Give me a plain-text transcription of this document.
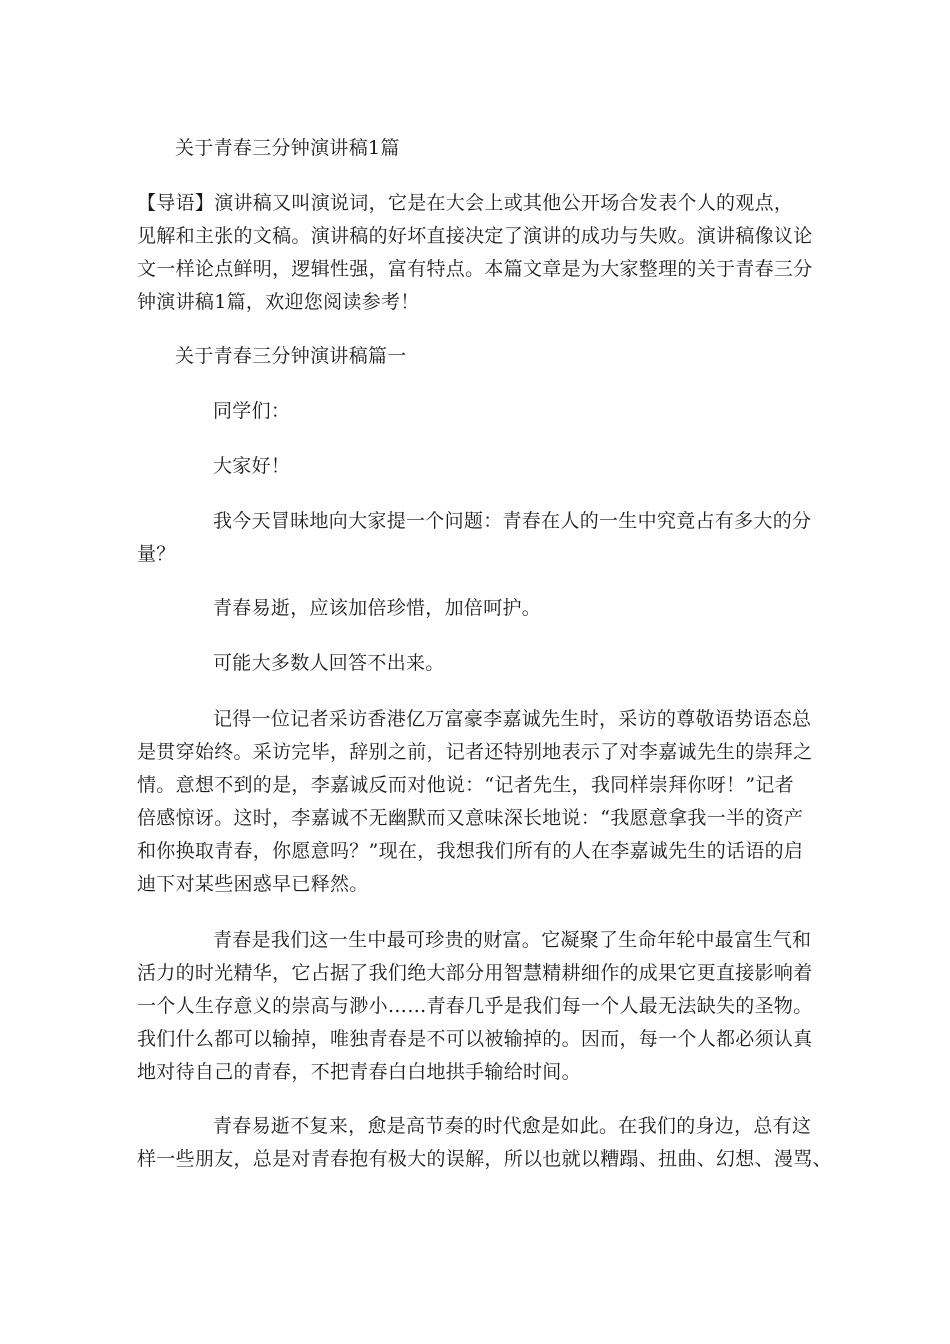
关于青春三分钟演讲稿1篇

【导语】演讲稿又叫演说词，它是在大会上或其他公开场合发表个人的观点，
见解和主张的文稿。演讲稿的好坏直接决定了演讲的成功与失败。演讲稿像议论
文一样论点鲜明，逻辑性强，富有特点。本篇文章是为大家整理的关于青春三分
钟演讲稿1篇，欢迎您阅读参考！

关于青春三分钟演讲稿篇一

同学们：

大家好！

我今天冒昧地向大家提一个问题：青春在人的一生中究竟占有多大的分
量？

青春易逝，应该加倍珍惜，加倍呵护。

可能大多数人回答不出来。

记得一位记者采访香港亿万富豪李嘉诚先生时，采访的尊敬语势语态总
是贯穿始终。采访完毕，辞别之前，记者还特别地表示了对李嘉诚先生的崇拜之
情。意想不到的是，李嘉诚反而对他说：“记者先生，我同样崇拜你呀！”记者
倍感惊讶。这时，李嘉诚不无幽默而又意味深长地说：“我愿意拿我一半的资产
和你换取青春，你愿意吗？”现在，我想我们所有的人在李嘉诚先生的话语的启
迪下对某些困惑早已释然。

青春是我们这一生中最可珍贵的财富。它凝聚了生命年轮中最富生气和
活力的时光精华，它占据了我们绝大部分用智慧精耕细作的成果它更直接影响着
一个人生存意义的崇高与渺小……青春几乎是我们每一个人最无法缺失的圣物。
我们什么都可以输掉，唯独青春是不可以被输掉的。因而，每一个人都必须认真
地对待自己的青春，不把青春白白地拱手输给时间。

青春易逝不复来，愈是高节奏的时代愈是如此。在我们的身边，总有这
样一些朋友，总是对青春抱有极大的误解，所以也就以糟蹋、扭曲、幻想、漫骂、
